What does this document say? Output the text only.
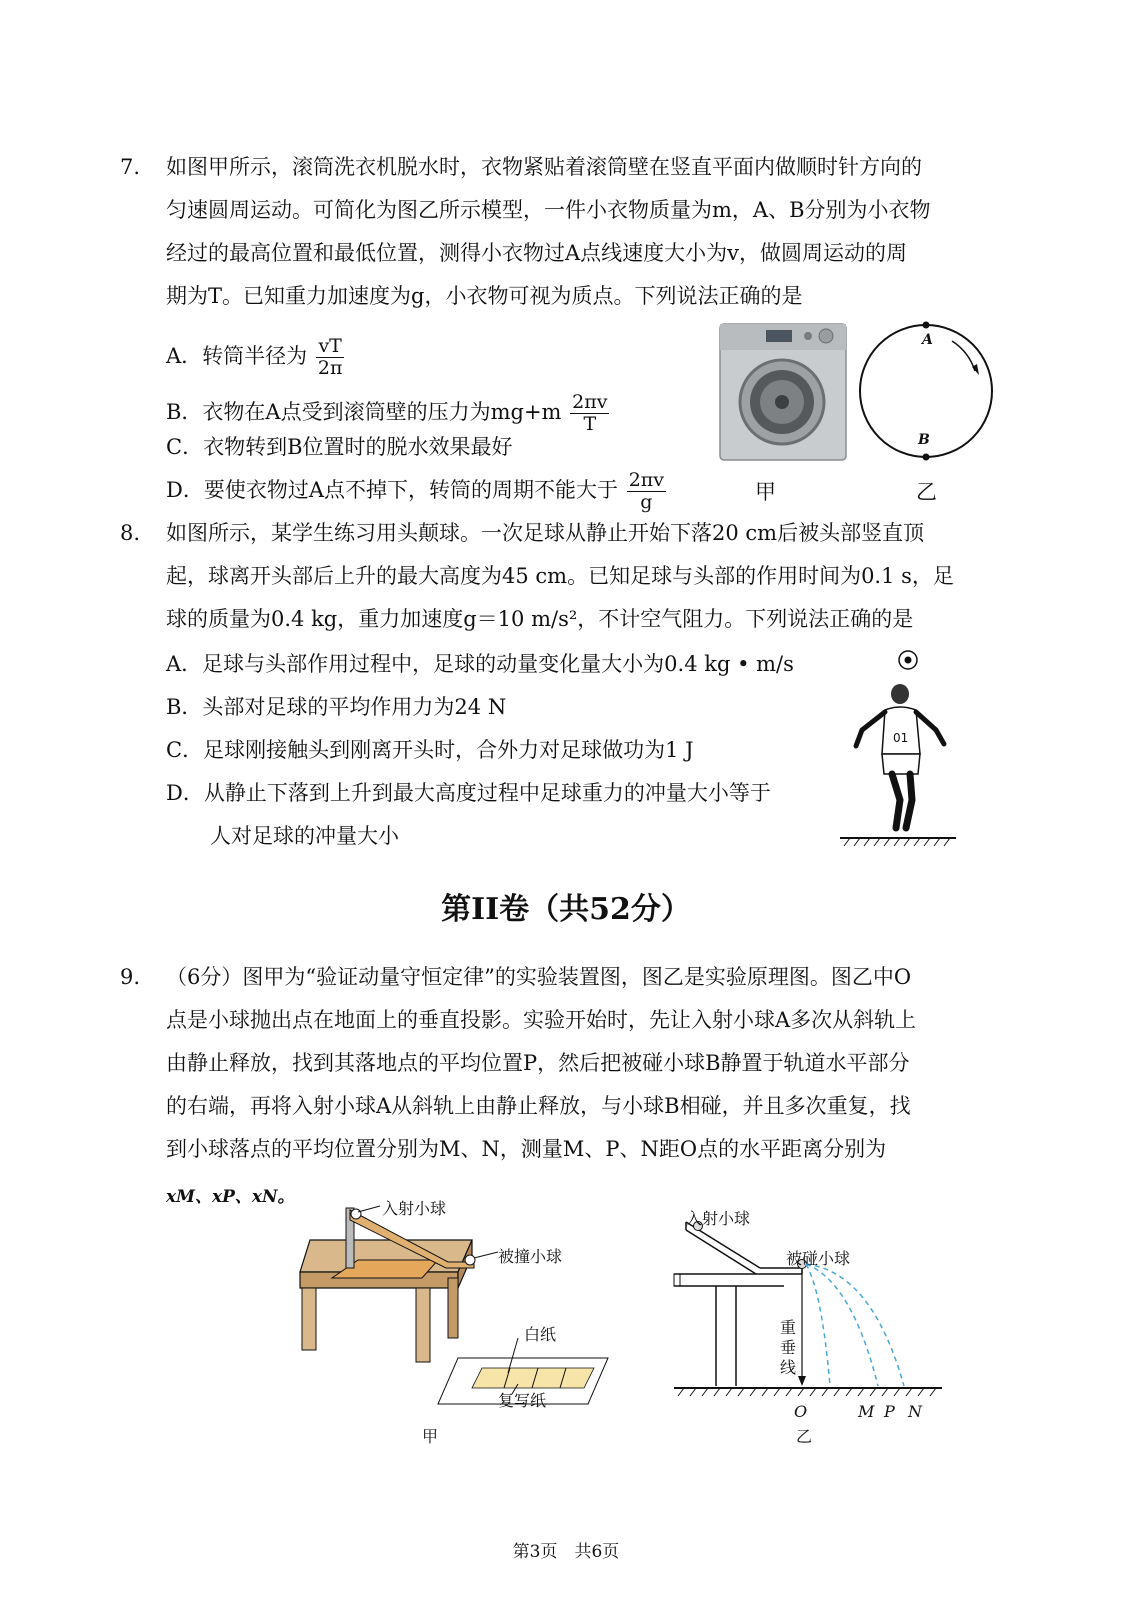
7. 如图甲所示，滚筒洗衣机脱水时，衣物紧贴着滚筒壁在竖直平面内做顺时针方向的
匀速圆周运动。可简化为图乙所示模型，一件小衣物质量为m，A、B分别为小衣物
经过的最高位置和最低位置，测得小衣物过A点线速度大小为v，做圆周运动的周
期为T。已知重力加速度为g，小衣物可视为质点。下列说法正确的是
A．转筒半径为 $\frac{vT}{2\pi}$
B．衣物在A点受到滚筒壁的压力为$mg+m \frac{2\pi v}{T}$
C．衣物转到B位置时的脱水效果最好
D．要使衣物过A点不掉下，转筒的周期不能大于 $\frac{2\pi v}{g}$	甲
A
B
乙
8. 如图所示，某学生练习用头颠球。一次足球从静止开始下落20 cm后被头部竖直顶
起，球离开头部后上升的最大高度为45 cm。已知足球与头部的作用时间为0.1 s，足
球的质量为0.4 kg，重力加速度g＝10 m/s²，不计空气阻力。下列说法正确的是
A．足球与头部作用过程中，足球的动量变化量大小为0.4 kg • m/s
B．头部对足球的平均作用力为24 N
C．足球刚接触头到刚离开头时，合外力对足球做功为1 J
D．从静止下落到上升到最大高度过程中足球重力的冲量大小等于
人对足球的冲量大小
01
第II卷（共52分）
9. （6分）图甲为“验证动量守恒定律”的实验装置图，图乙是实验原理图。图乙中O
点是小球抛出点在地面上的垂直投影。实验开始时，先让入射小球A多次从斜轨上
由静止释放，找到其落地点的平均位置P，然后把被碰小球B静置于轨道水平部分
的右端，再将入射小球A从斜轨上由静止释放，与小球B相碰，并且多次重复，找
到小球落点的平均位置分别为M、N，测量M、P、N距O点的水平距离分别为
xM、xP、xN。
入射小球
被撞小球
白纸
复写纸
甲
入射小球
被碰小球
重垂线
O	M P N
乙
第3页　共6页
